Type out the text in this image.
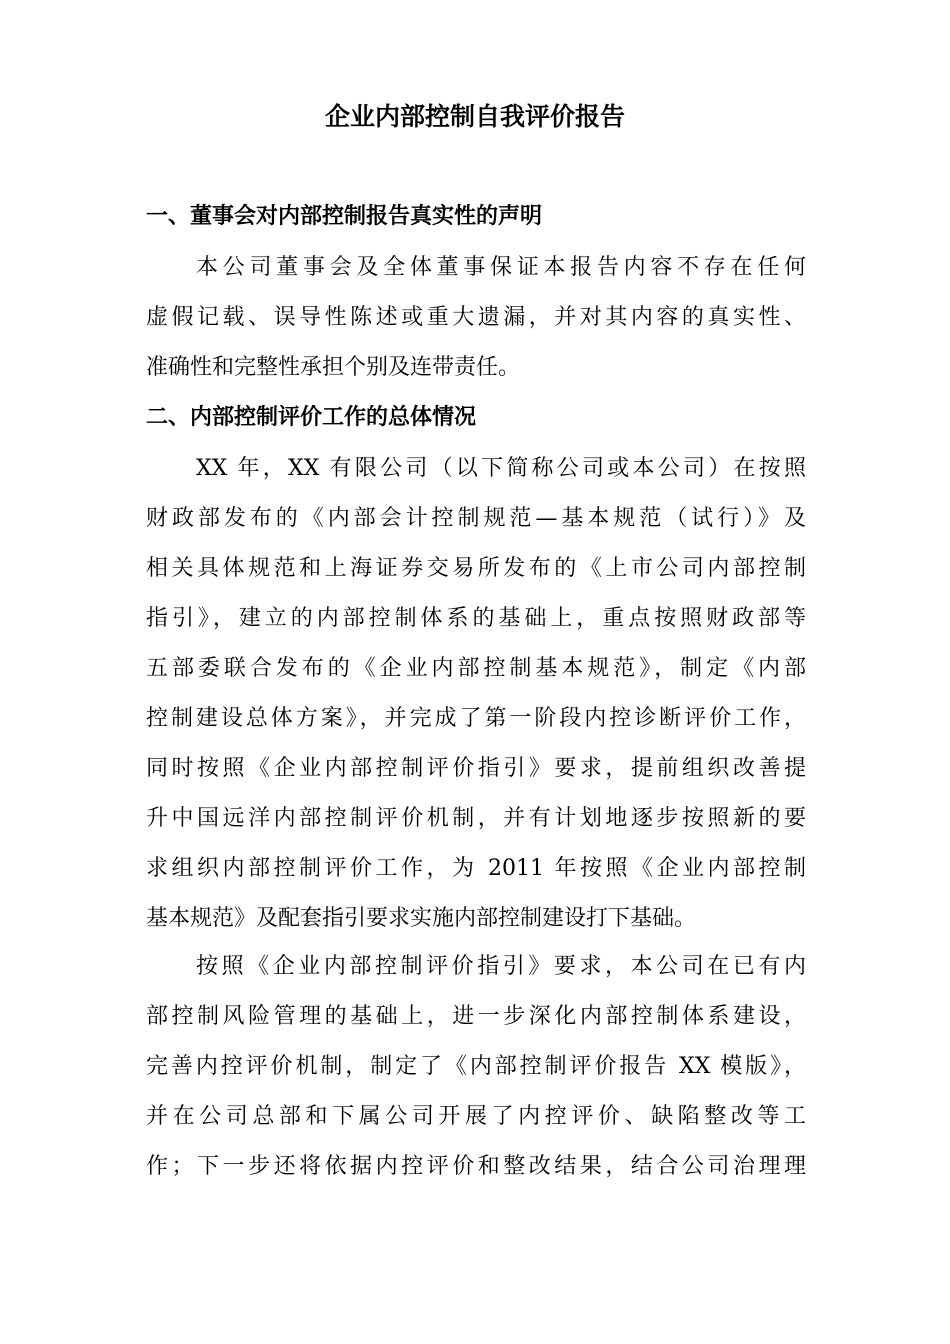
企业内部控制自我评价报告
一、董事会对内部控制报告真实性的声明

本公司董事会及全体董事保证本报告内容不存在任何

虚假记载、误导性陈述或重大遗漏，并对其内容的真实性、

准确性和完整性承担个别及连带责任。

二、内部控制评价工作的总体情况

XX 年，XX 有限公司（以下简称公司或本公司）在按照

财政部发布的《内部会计控制规范—基本规范（试行）》及

相关具体规范和上海证券交易所发布的《上市公司内部控制

指引》，建立的内部控制体系的基础上，重点按照财政部等

五部委联合发布的《企业内部控制基本规范》，制定《内部

控制建设总体方案》，并完成了第一阶段内控诊断评价工作，

同时按照《企业内部控制评价指引》要求，提前组织改善提

升中国远洋内部控制评价机制，并有计划地逐步按照新的要

求组织内部控制评价工作，为 2011 年按照《企业内部控制

基本规范》及配套指引要求实施内部控制建设打下基础。

按照《企业内部控制评价指引》要求，本公司在已有内

部控制风险管理的基础上，进一步深化内部控制体系建设，

完善内控评价机制，制定了《内部控制评价报告 XX 模版》，

并在公司总部和下属公司开展了内控评价、缺陷整改等工

作；下一步还将依据内控评价和整改结果，结合公司治理理
